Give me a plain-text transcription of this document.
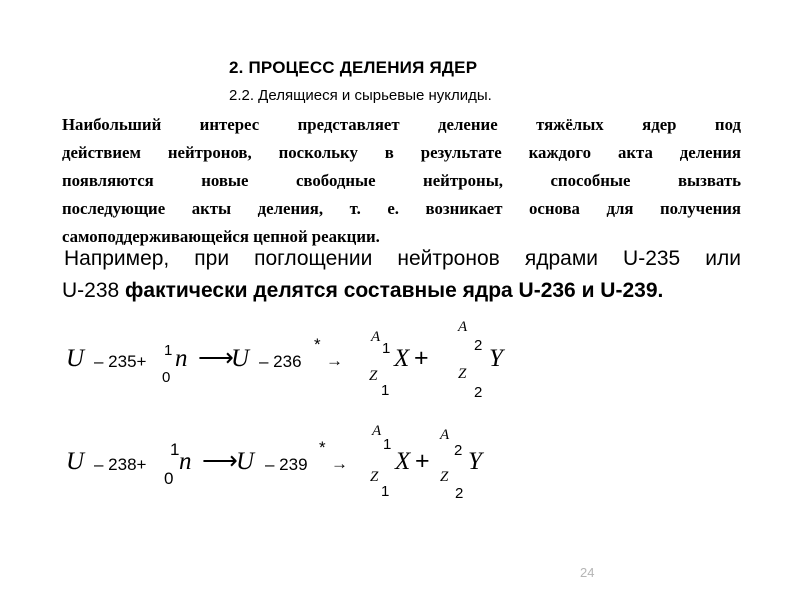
2. ПРОЦЕСС ДЕЛЕНИЯ ЯДЕР
2.2. Делящиеся и сырьевые нуклиды.
Наибольший интерес представляет деление тяжёлых ядер под
действием нейтронов, поскольку в результате каждого акта деления
появляются новые свободные нейтроны, способные вызвать
последующие акты деления, т. е. возникает основа для получения
самоподдерживающейся цепной реакции.
Например, при поглощении нейтронов ядрами U-235 или
U-238 фактически делятся составные ядра U-236 и U-239.
U – 235+
1
0
n ⟶
U – 236
*
→
A
1
Z
1
X +
A
2
Z
2
Y
U – 238+
1
0
n ⟶
U – 239
*
→
A
1
Z
1
X +
A
2
Z
2
Y
24
